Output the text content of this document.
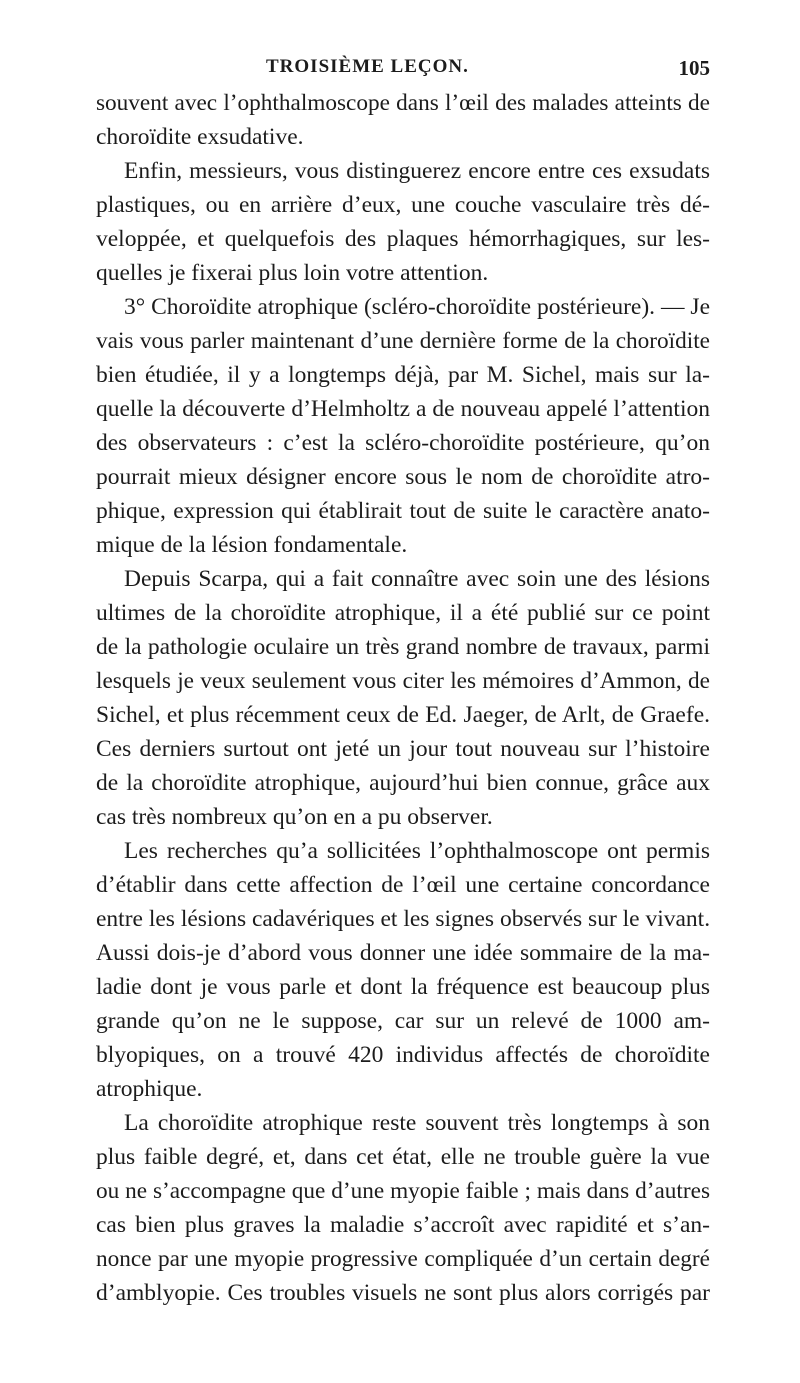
TROISIÈME LEÇON.	105
souvent avec l’ophthalmoscope dans l’œil des malades atteints de
choroïdite exsudative.
Enfin, messieurs, vous distinguerez encore entre ces exsudats
plastiques, ou en arrière d’eux, une couche vasculaire très dé-
veloppée, et quelquefois des plaques hémorrhagiques, sur les-
quelles je fixerai plus loin votre attention.
3° Choroïdite atrophique (scléro-choroïdite postérieure). — Je
vais vous parler maintenant d’une dernière forme de la choroïdite
bien étudiée, il y a longtemps déjà, par M. Sichel, mais sur la-
quelle la découverte d’Helmholtz a de nouveau appelé l’attention
des observateurs : c’est la scléro-choroïdite postérieure, qu’on
pourrait mieux désigner encore sous le nom de choroïdite atro-
phique, expression qui établirait tout de suite le caractère anato-
mique de la lésion fondamentale.
Depuis Scarpa, qui a fait connaître avec soin une des lésions
ultimes de la choroïdite atrophique, il a été publié sur ce point
de la pathologie oculaire un très grand nombre de travaux, parmi
lesquels je veux seulement vous citer les mémoires d’Ammon, de
Sichel, et plus récemment ceux de Ed. Jaeger, de Arlt, de Graefe.
Ces derniers surtout ont jeté un jour tout nouveau sur l’histoire
de la choroïdite atrophique, aujourd’hui bien connue, grâce aux
cas très nombreux qu’on en a pu observer.
Les recherches qu’a sollicitées l’ophthalmoscope ont permis
d’établir dans cette affection de l’œil une certaine concordance
entre les lésions cadavériques et les signes observés sur le vivant.
Aussi dois-je d’abord vous donner une idée sommaire de la ma-
ladie dont je vous parle et dont la fréquence est beaucoup plus
grande qu’on ne le suppose, car sur un relevé de 1000 am-
blyopiques, on a trouvé 420 individus affectés de choroïdite
atrophique.
La choroïdite atrophique reste souvent très longtemps à son
plus faible degré, et, dans cet état, elle ne trouble guère la vue
ou ne s’accompagne que d’une myopie faible ; mais dans d’autres
cas bien plus graves la maladie s’accroît avec rapidité et s’an-
nonce par une myopie progressive compliquée d’un certain degré
d’amblyopie. Ces troubles visuels ne sont plus alors corrigés par
